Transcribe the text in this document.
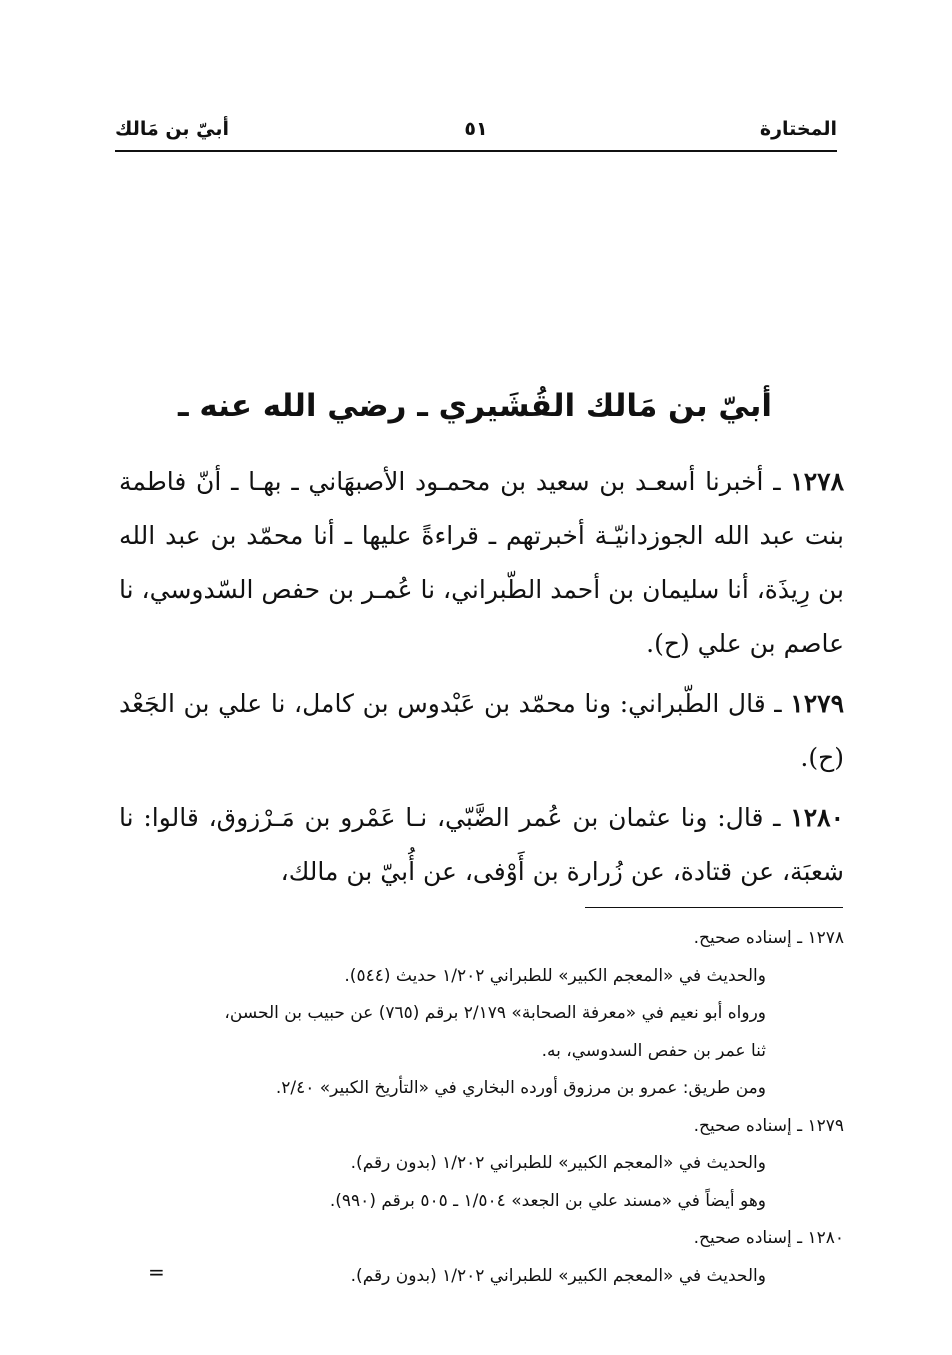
المختارة
٥١
أبيّ بن مَالك
أبيّ بن مَالك القُشَيري ـ رضي الله عنه ـ

١٢٧٨ ـ أخبرنا أسعـد بن سعيد بن محمـود الأصبهَاني ـ بهـا ـ أنّ فاطمة بنت عبد الله الجوزدانيّـة أخبرتهم ـ قراءةً عليها ـ أنا محمّد بن عبد الله بن رِيذَة، أنا سليمان بن أحمد الطّبراني، نا عُمـر بن حفص السّدوسي، نا عاصم بن علي (ح).

١٢٧٩ ـ قال الطّبراني: ونا محمّد بن عَبْدوس بن كامل، نا علي بن الجَعْد (ح).

١٢٨٠ ـ قال: ونا عثمان بن عُمر الضَّبّي، نـا عَمْرو بن مَـرْزوق، قالوا: نا شعبَة، عن قتادة، عن زُرارة بن أَوْفى، عن أُبيّ بن مالك،

١٢٧٨ ـ إسناده صحيح.
والحديث في «المعجم الكبير» للطبراني ١/٢٠٢ حديث (٥٤٤).
ورواه أبو نعيم في «معرفة الصحابة» ٢/١٧٩ برقم (٧٦٥) عن حبيب بن الحسن،
ثنا عمر بن حفص السدوسي، به.
ومن طريق: عمرو بن مرزوق أورده البخاري في «التأريخ الكبير» ٢/٤٠.
١٢٧٩ ـ إسناده صحيح.
والحديث في «المعجم الكبير» للطبراني ١/٢٠٢ (بدون رقم).
وهو أيضاً في «مسند علي بن الجعد» ١/٥٠٤ ـ ٥٠٥ برقم (٩٩٠).
١٢٨٠ ـ إسناده صحيح.
والحديث في «المعجم الكبير» للطبراني ١/٢٠٢ (بدون رقم).
=
